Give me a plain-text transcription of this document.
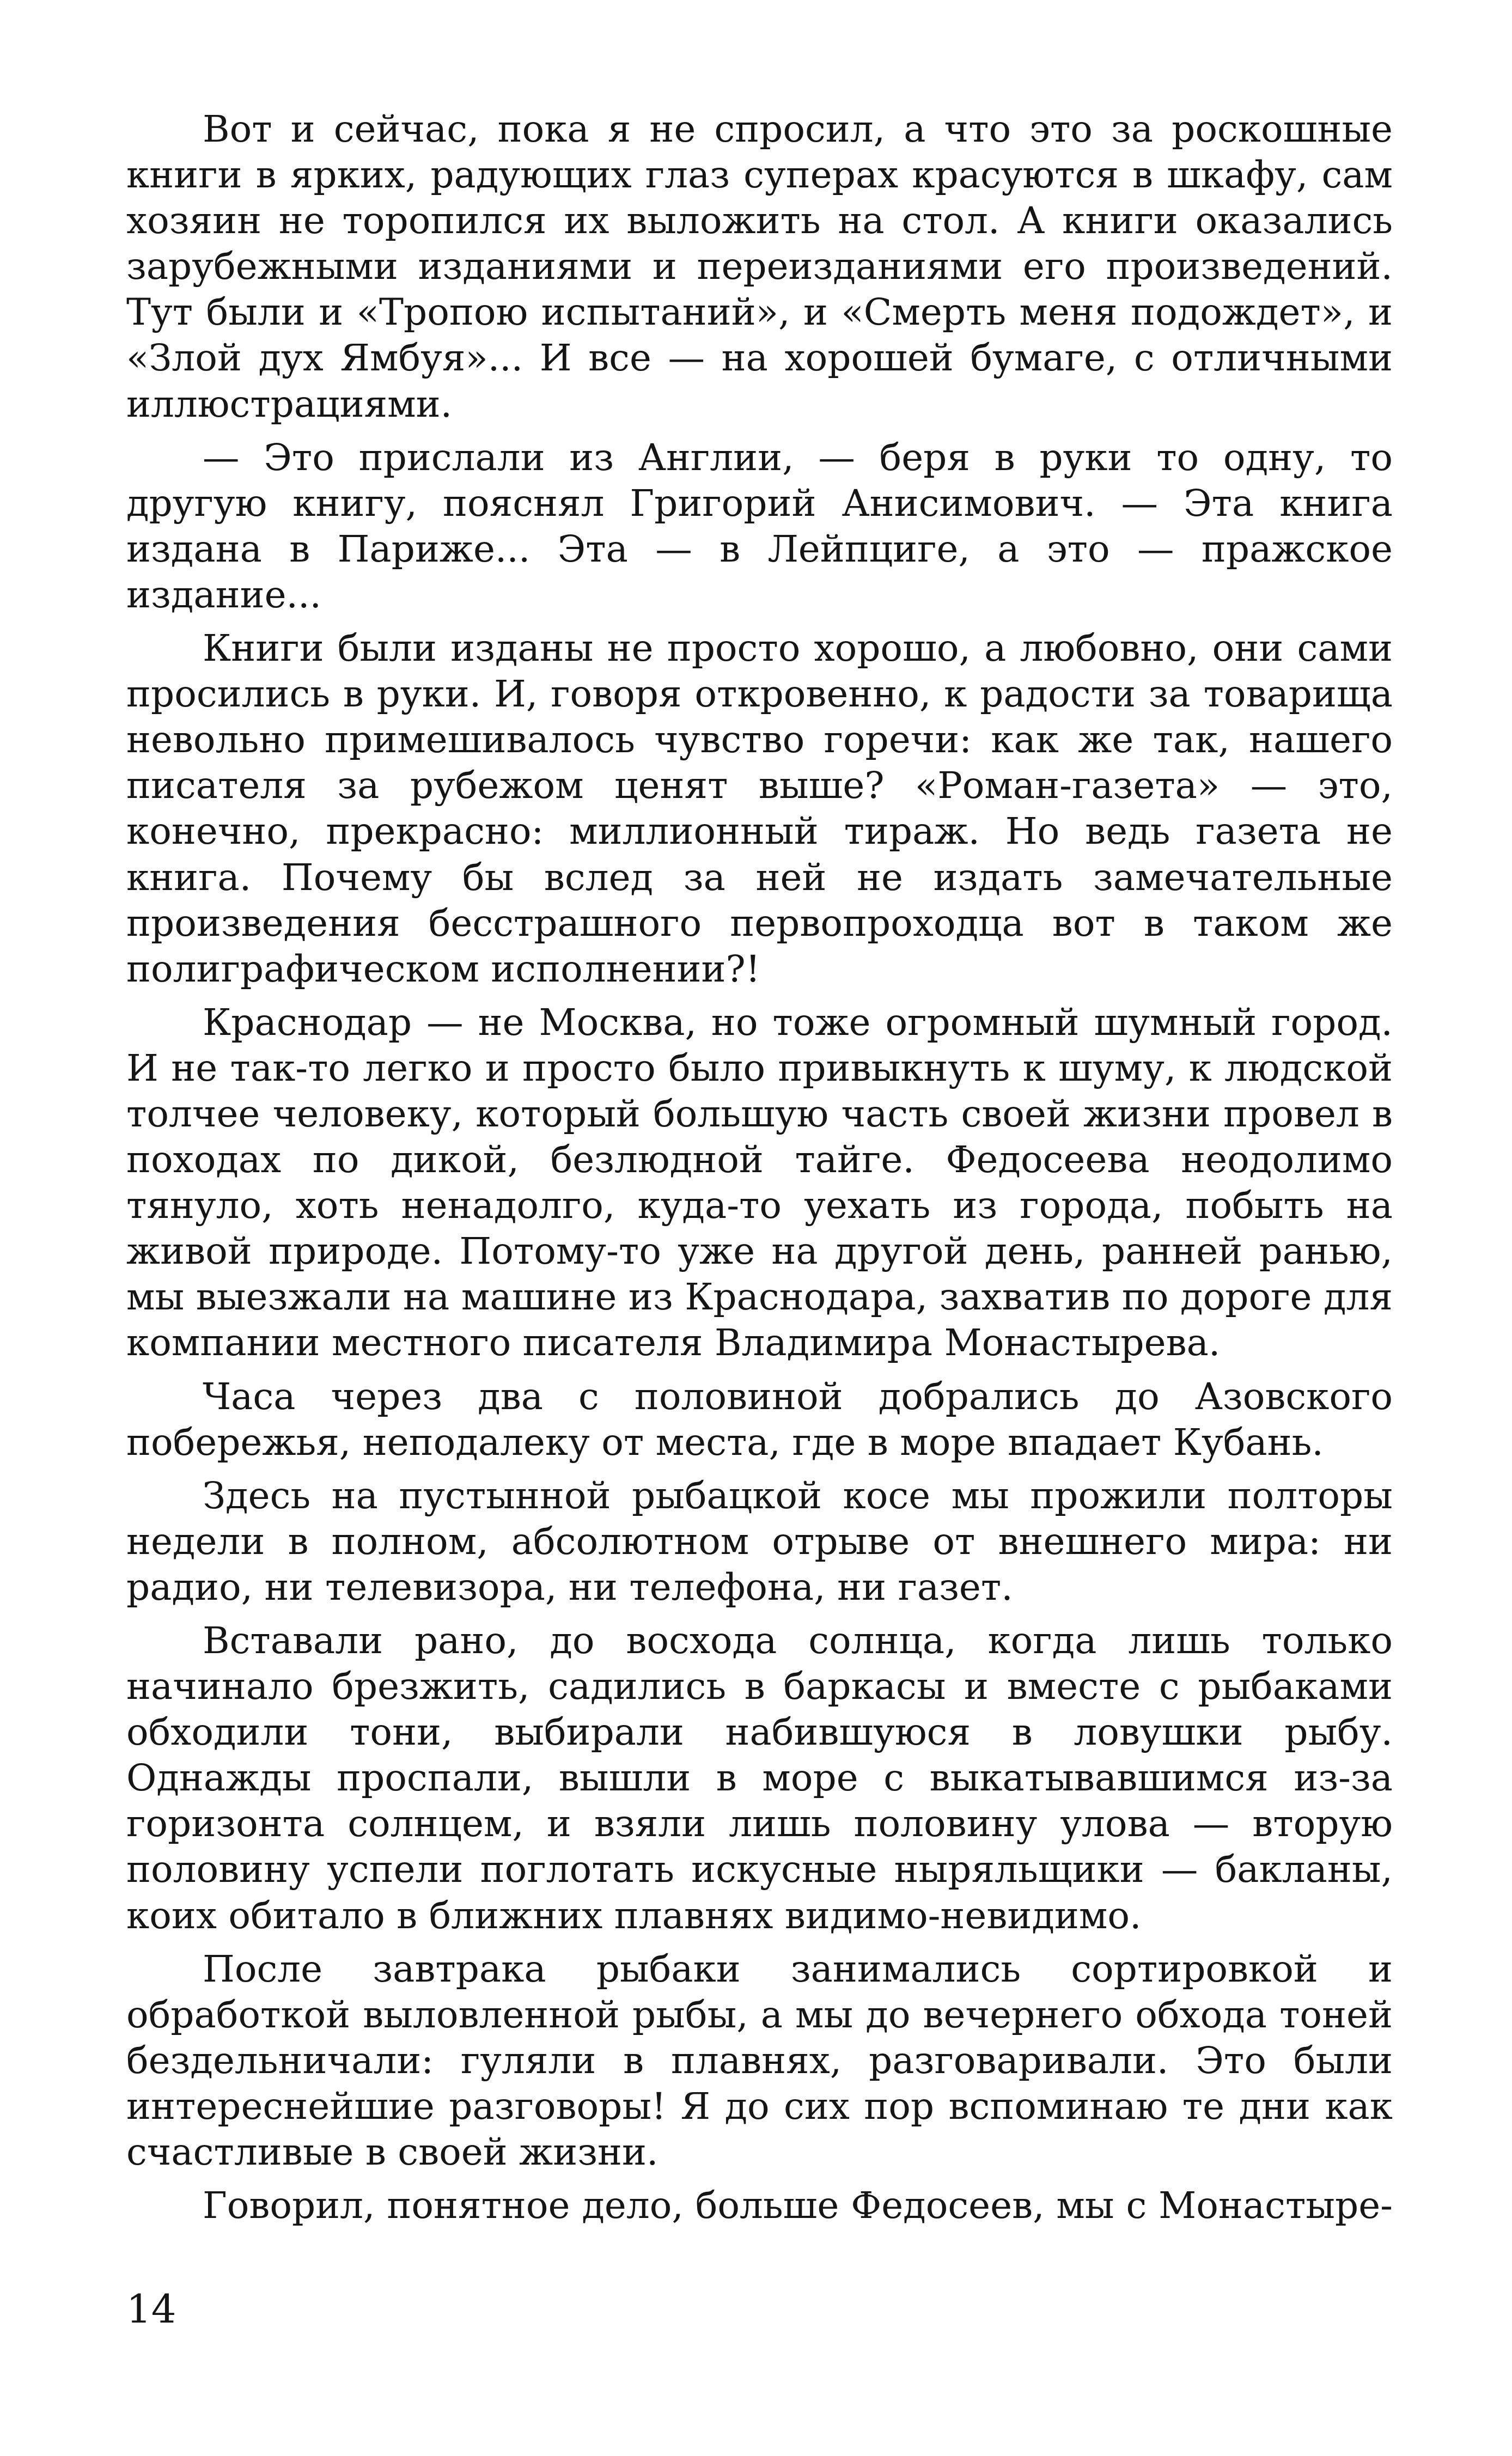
Вот и сейчас, пока я не спросил, а что это за роскошные книги в ярких, радующих глаз суперах красуются в шкафу, сам хозяин не торопился их выложить на стол. А книги оказались зарубежными изданиями и переизданиями его произведений. Тут были и «Тропою испытаний», и «Смерть меня подождет», и «Злой дух Ямбуя»... И все — на хорошей бумаге, с отличными иллюстрациями.

— Это прислали из Англии, — беря в руки то одну, то другую книгу, пояснял Григорий Анисимович. — Эта книга издана в Париже... Эта — в Лейпциге, а это — пражское издание...

Книги были изданы не просто хорошо, а любовно, они сами просились в руки. И, говоря откровенно, к радости за товарища невольно примешивалось чувство горечи: как же так, нашего писателя за рубежом ценят выше? «Роман-газета» — это, конечно, прекрасно: миллионный тираж. Но ведь газета не книга. Почему бы вслед за ней не издать замечательные произведения бесстрашного первопроходца вот в таком же полиграфическом исполнении?!

Краснодар — не Москва, но тоже огромный шумный город. И не так-то легко и просто было привыкнуть к шуму, к людской толчее человеку, который большую часть своей жизни провел в походах по дикой, безлюдной тайге. Федосеева неодолимо тянуло, хоть ненадолго, куда-то уехать из города, побыть на живой природе. Потому-то уже на другой день, ранней ранью, мы выезжали на машине из Краснодара, захватив по дороге для компании местного писателя Владимира Монастырева.

Часа через два с половиной добрались до Азовского побережья, неподалеку от места, где в море впадает Кубань.

Здесь на пустынной рыбацкой косе мы прожили полторы недели в полном, абсолютном отрыве от внешнего мира: ни радио, ни телевизора, ни телефона, ни газет.

Вставали рано, до восхода солнца, когда лишь только начинало брезжить, садились в баркасы и вместе с рыбаками обходили тони, выбирали набившуюся в ловушки рыбу. Однажды проспали, вышли в море с выкатывавшимся из-за горизонта солнцем, и взяли лишь половину улова — вторую половину успели поглотать искусные ныряльщики — бакланы, коих обитало в ближних плавнях видимо-невидимо.

После завтрака рыбаки занимались сортировкой и обработкой выловленной рыбы, а мы до вечернего обхода тоней бездельничали: гуляли в плавнях, разговаривали. Это были интереснейшие разговоры! Я до сих пор вспоминаю те дни как счастливые в своей жизни.

Говорил, понятное дело, больше Федосеев, мы с Монастыре-

14
